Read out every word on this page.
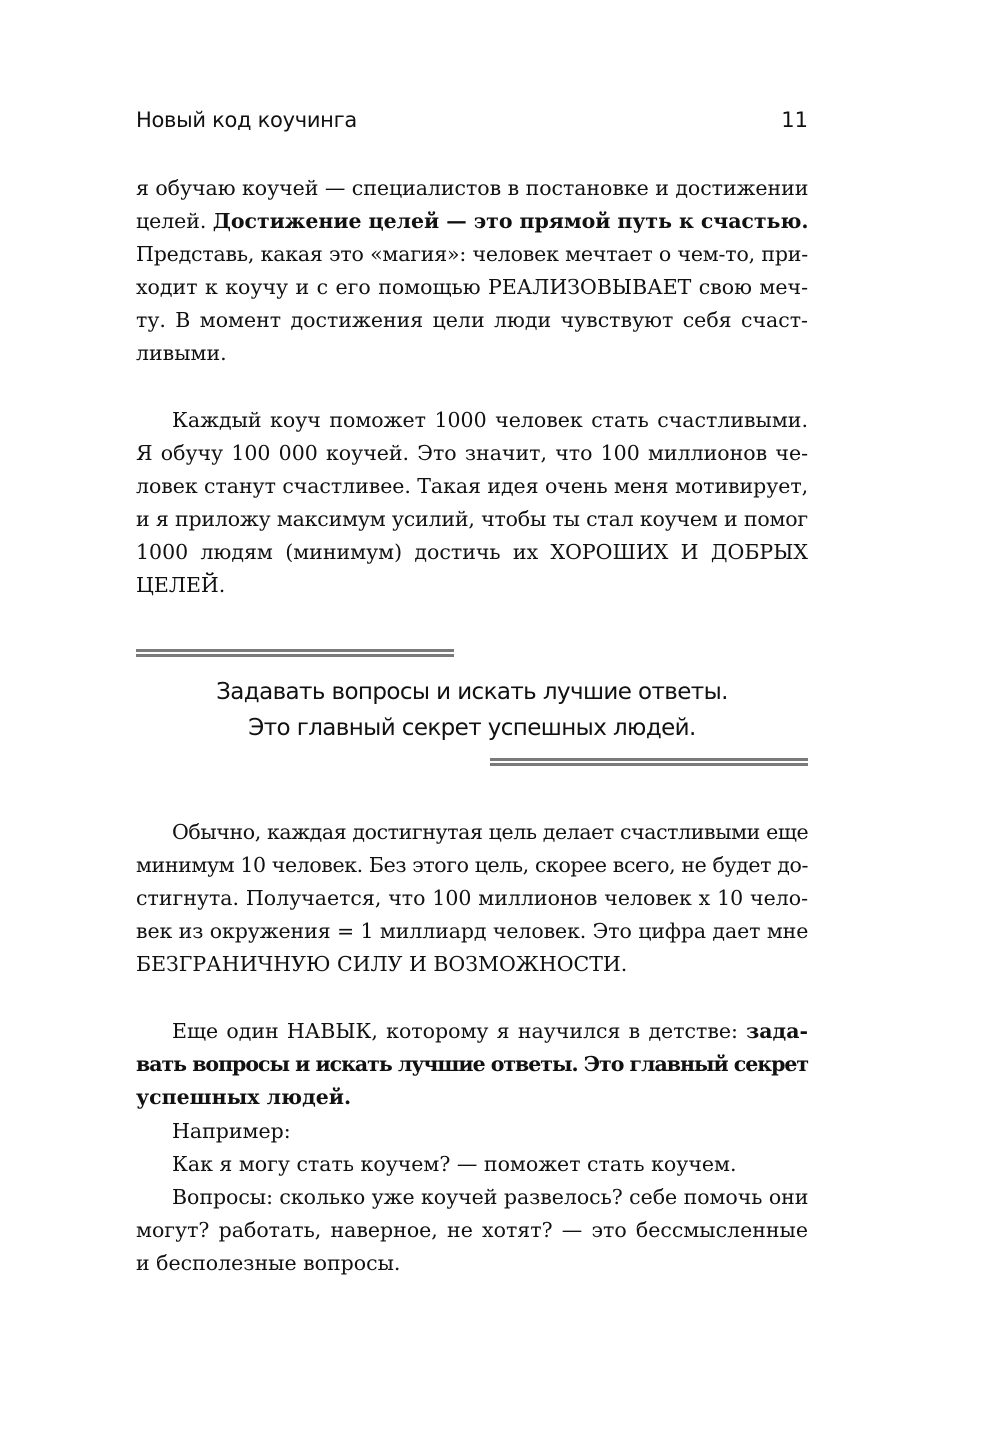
Новый код коучинга	11
я обучаю коучей — специалистов в постановке и достижении
целей. Достижение целей — это прямой путь к счастью.
Представь, какая это «магия»: человек мечтает о чем-то, при-
ходит к коучу и с его помощью РЕАЛИЗОВЫВАЕТ свою меч-
ту. В момент достижения цели люди чувствуют себя счаст-
ливыми.
Каждый коуч поможет 1000 человек стать счастливыми.
Я обучу 100 000 коучей. Это значит, что 100 миллионов че-
ловек станут счастливее. Такая идея очень меня мотивирует,
и я приложу максимум усилий, чтобы ты стал коучем и помог
1000 людям (минимум) достичь их ХОРОШИХ И ДОБРЫХ
ЦЕЛЕЙ.
Задавать вопросы и искать лучшие ответы.
Это главный секрет успешных людей.
Обычно, каждая достигнутая цель делает счастливыми еще
минимум 10 человек. Без этого цель, скорее всего, не будет до-
стигнута. Получается, что 100 миллионов человек х 10 чело-
век из окружения = 1 миллиард человек. Это цифра дает мне
БЕЗГРАНИЧНУЮ СИЛУ И ВОЗМОЖНОСТИ.
Еще один НАВЫК, которому я научился в детстве: зада-
вать вопросы и искать лучшие ответы. Это главный секрет
успешных людей.
Например:
Как я могу стать коучем? — поможет стать коучем.
Вопросы: сколько уже коучей развелось? себе помочь они
могут? работать, наверное, не хотят? — это бессмысленные
и бесполезные вопросы.
